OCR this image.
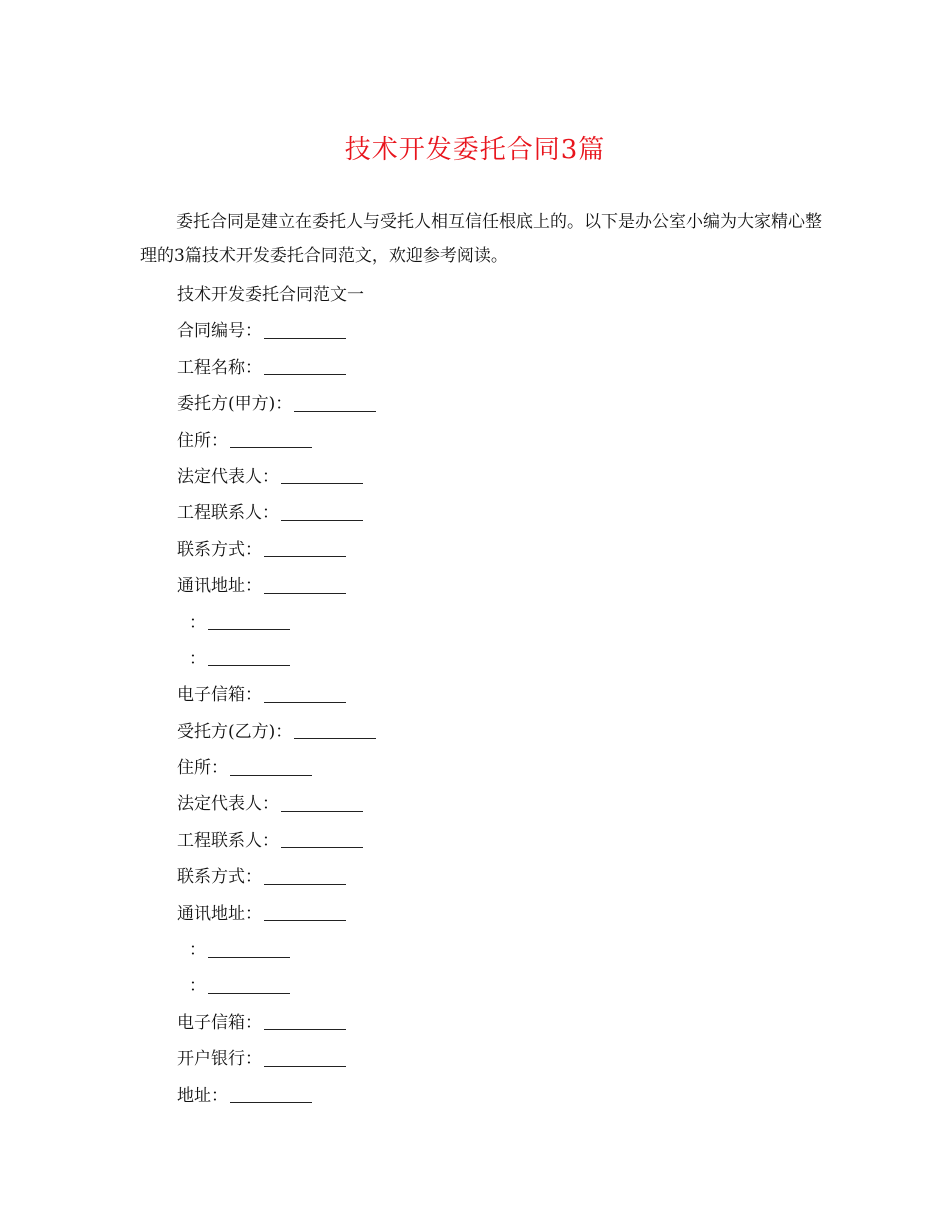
技术开发委托合同3篇

委托合同是建立在委托人与受托人相互信任根底上的。以下是办公室小编为大家精心整理的3篇技术开发委托合同范文，欢迎参考阅读。

技术开发委托合同范文一
合同编号：
工程名称：
委托方(甲方)：
住所：
法定代表人：
工程联系人：
联系方式：
通讯地址：
：
：
电子信箱：
受托方(乙方)：
住所：
法定代表人：
工程联系人：
联系方式：
通讯地址：
：
：
电子信箱：
开户银行：
地址：
